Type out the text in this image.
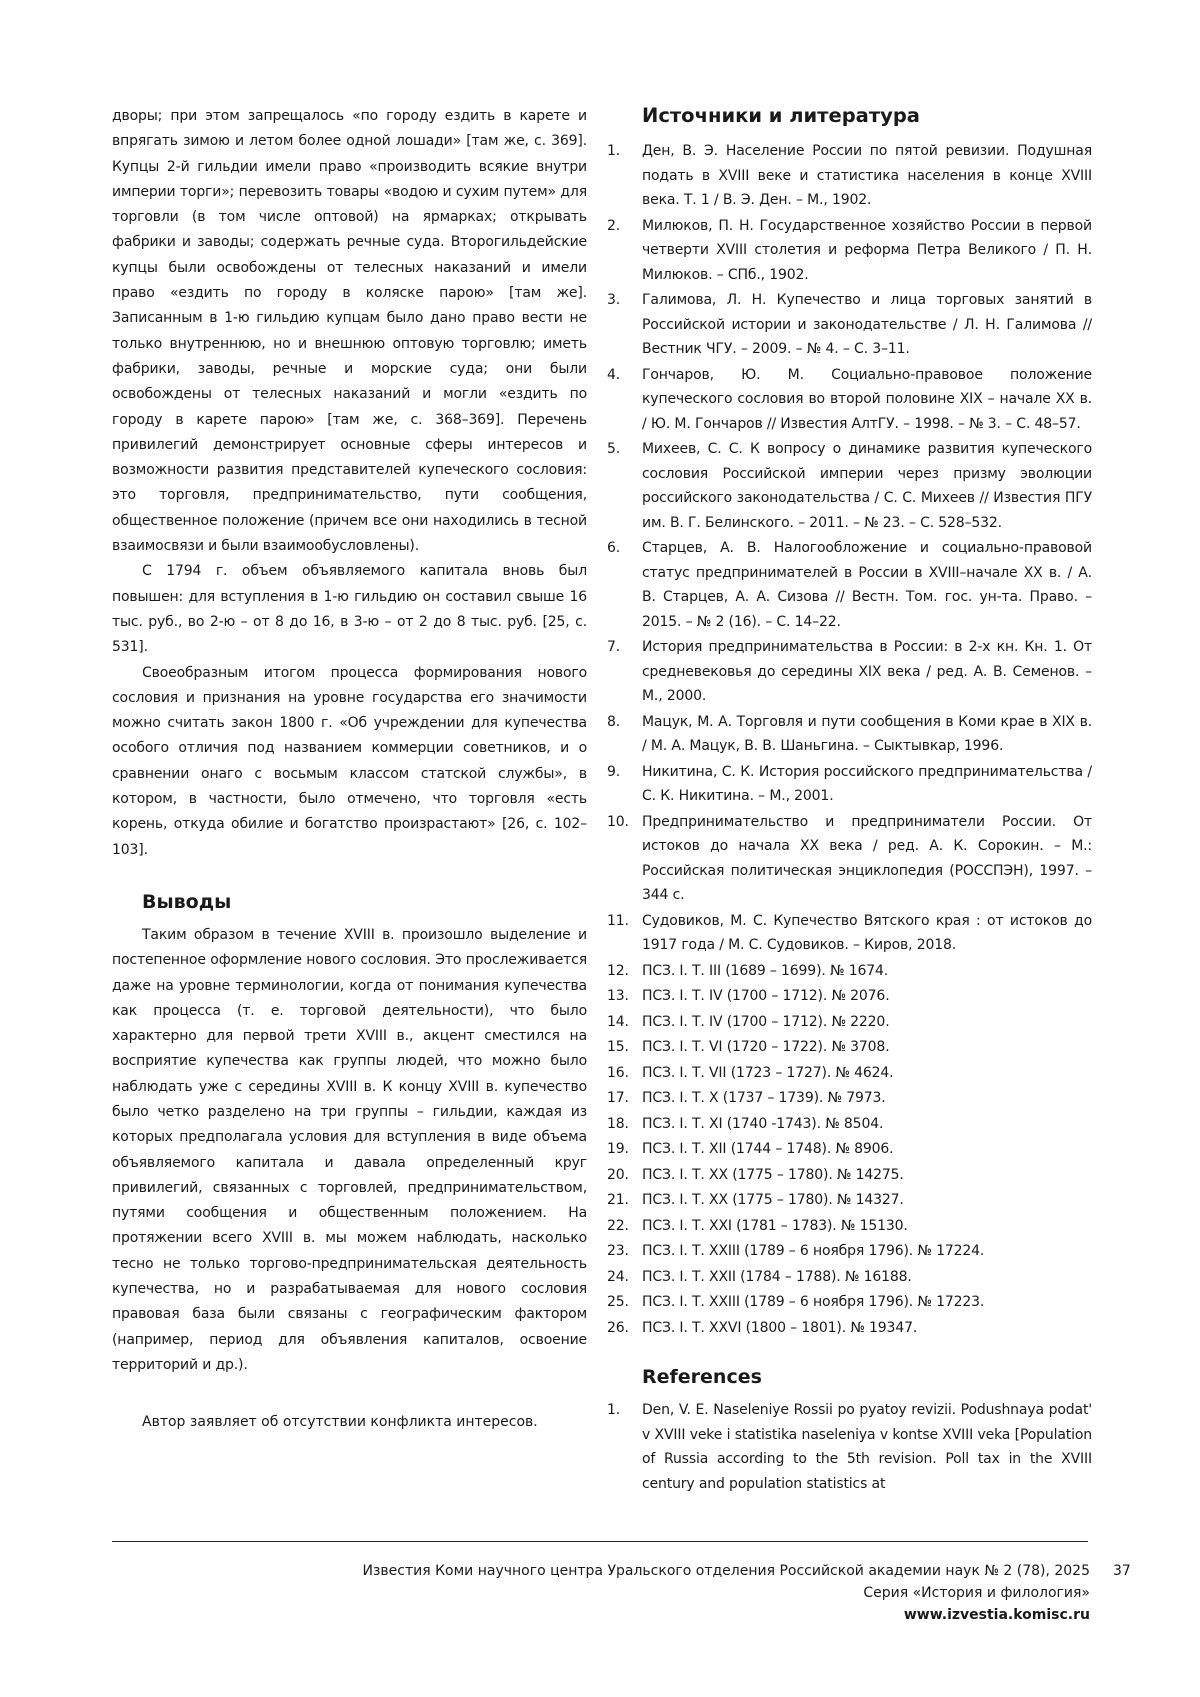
дворы; при этом запрещалось «по городу ездить в карете и впрягать зимою и летом более одной лошади» [там же, с. 369]. Купцы 2-й гильдии имели право «производить всякие внутри империи торги»; перевозить товары «водою и сухим путем» для торговли (в том числе оптовой) на ярмарках; открывать фабрики и заводы; содержать речные суда. Второгильдейские купцы были освобождены от телесных наказаний и имели право «ездить по городу в коляске парою» [там же]. Записанным в 1-ю гильдию купцам было дано право вести не только внутреннюю, но и внешнюю оптовую торговлю; иметь фабрики, заводы, речные и морские суда; они были освобождены от телесных наказаний и могли «ездить по городу в карете парою» [там же, с. 368–369]. Перечень привилегий демонстрирует основные сферы интересов и возможности развития представителей купеческого сословия: это торговля, предпринимательство, пути сообщения, общественное положение (причем все они находились в тесной взаимосвязи и были взаимообусловлены).

С 1794 г. объем объявляемого капитала вновь был повышен: для вступления в 1-ю гильдию он составил свыше 16 тыс. руб., во 2-ю – от 8 до 16, в 3-ю – от 2 до 8 тыс. руб. [25, с. 531].

Своеобразным итогом процесса формирования нового сословия и признания на уровне государства его значимости можно считать закон 1800 г. «Об учреждении для купечества особого отличия под названием коммерции советников, и о сравнении онаго с восьмым классом статской службы», в котором, в частности, было отмечено, что торговля «есть корень, откуда обилие и богатство произрастают» [26, с. 102–103].

Выводы

Таким образом в течение XVIII в. произошло выделение и постепенное оформление нового сословия. Это прослеживается даже на уровне терминологии, когда от понимания купечества как процесса (т. е. торговой деятельности), что было характерно для первой трети XVIII в., акцент сместился на восприятие купечества как группы людей, что можно было наблюдать уже с середины XVIII в. К концу XVIII в. купечество было четко разделено на три группы – гильдии, каждая из которых предполагала условия для вступления в виде объема объявляемого капитала и давала определенный круг привилегий, связанных с торговлей, предпринимательством, путями сообщения и общественным положением. На протяжении всего XVIII в. мы можем наблюдать, насколько тесно не только торгово-предпринимательская деятельность купечества, но и разрабатываемая для нового сословия правовая база были связаны с географическим фактором (например, период для объявления капиталов, освоение территорий и др.).

Автор заявляет об отсутствии конфликта интересов.
Источники и литература
1. Ден, В. Э. Население России по пятой ревизии. Подушная подать в XVIII веке и статистика населения в конце XVIII века. Т. 1 / В. Э. Ден. – М., 1902.
2. Милюков, П. Н. Государственное хозяйство России в первой четверти XVIII столетия и реформа Петра Великого / П. Н. Милюков. – СПб., 1902.
3. Галимова, Л. Н. Купечество и лица торговых занятий в Российской истории и законодательстве / Л. Н. Галимова // Вестник ЧГУ. – 2009. – № 4. – С. 3–11.
4. Гончаров, Ю. М. Социально-правовое положение купеческого сословия во второй половине XIX – начале XX в. / Ю. М. Гончаров // Известия АлтГУ. – 1998. – № 3. – С. 48–57.
5. Михеев, С. С. К вопросу о динамике развития купеческого сословия Российской империи через призму эволюции российского законодательства / С. С. Михеев // Известия ПГУ им. В. Г. Белинского. – 2011. – № 23. – С. 528–532.
6. Старцев, А. В. Налогообложение и социально-правовой статус предпринимателей в России в XVIII–начале XX в. / А. В. Старцев, А. А. Сизова // Вестн. Том. гос. ун-та. Право. – 2015. – № 2 (16). – С. 14–22.
7. История предпринимательства в России: в 2-х кн. Кн. 1. От средневековья до середины XIX века / ред. А. В. Семенов. – М., 2000.
8. Мацук, М. А. Торговля и пути сообщения в Коми крае в XIX в. / М. А. Мацук, В. В. Шаньгина. – Сыктывкар, 1996.
9. Никитина, С. К. История российского предпринимательства / С. К. Никитина. – М., 2001.
10. Предпринимательство и предприниматели России. От истоков до начала XX века / ред. А. К. Сорокин. – М.: Российская политическая энциклопедия (РОССПЭН), 1997. – 344 с.
11. Судовиков, М. С. Купечество Вятского края : от истоков до 1917 года / М. С. Судовиков. – Киров, 2018.
12. ПСЗ. I. Т. III (1689 – 1699). № 1674.
13. ПСЗ. I. Т. IV (1700 – 1712). № 2076.
14. ПСЗ. I. Т. IV (1700 – 1712). № 2220.
15. ПСЗ. I. Т. VI (1720 – 1722). № 3708.
16. ПСЗ. I. Т. VII (1723 – 1727). № 4624.
17. ПСЗ. I. Т. X (1737 – 1739). № 7973.
18. ПСЗ. I. Т. XI (1740 -1743). № 8504.
19. ПСЗ. I. Т. XII (1744 – 1748). № 8906.
20. ПСЗ. I. Т. XX (1775 – 1780). № 14275.
21. ПСЗ. I. Т. XX (1775 – 1780). № 14327.
22. ПСЗ. I. Т. XXI (1781 – 1783). № 15130.
23. ПСЗ. I. Т. XXIII (1789 – 6 ноября 1796). № 17224.
24. ПСЗ. I. Т. XXII (1784 – 1788). № 16188.
25. ПСЗ. I. Т. XXIII (1789 – 6 ноября 1796). № 17223.
26. ПСЗ. I. Т. XXVI (1800 – 1801). № 19347.
References
1. Den, V. E. Naseleniye Rossii po pyatoy revizii. Podushnaya podat' v XVIII veke i statistika naseleniya v kontse XVIII veka [Population of Russia according to the 5th revision. Poll tax in the XVIII century and population statistics at
Известия Коми научного центра Уральского отделения Российской академии наук № 2 (78), 2025
Серия «История и филология»
www.izvestia.komisc.ru
37
